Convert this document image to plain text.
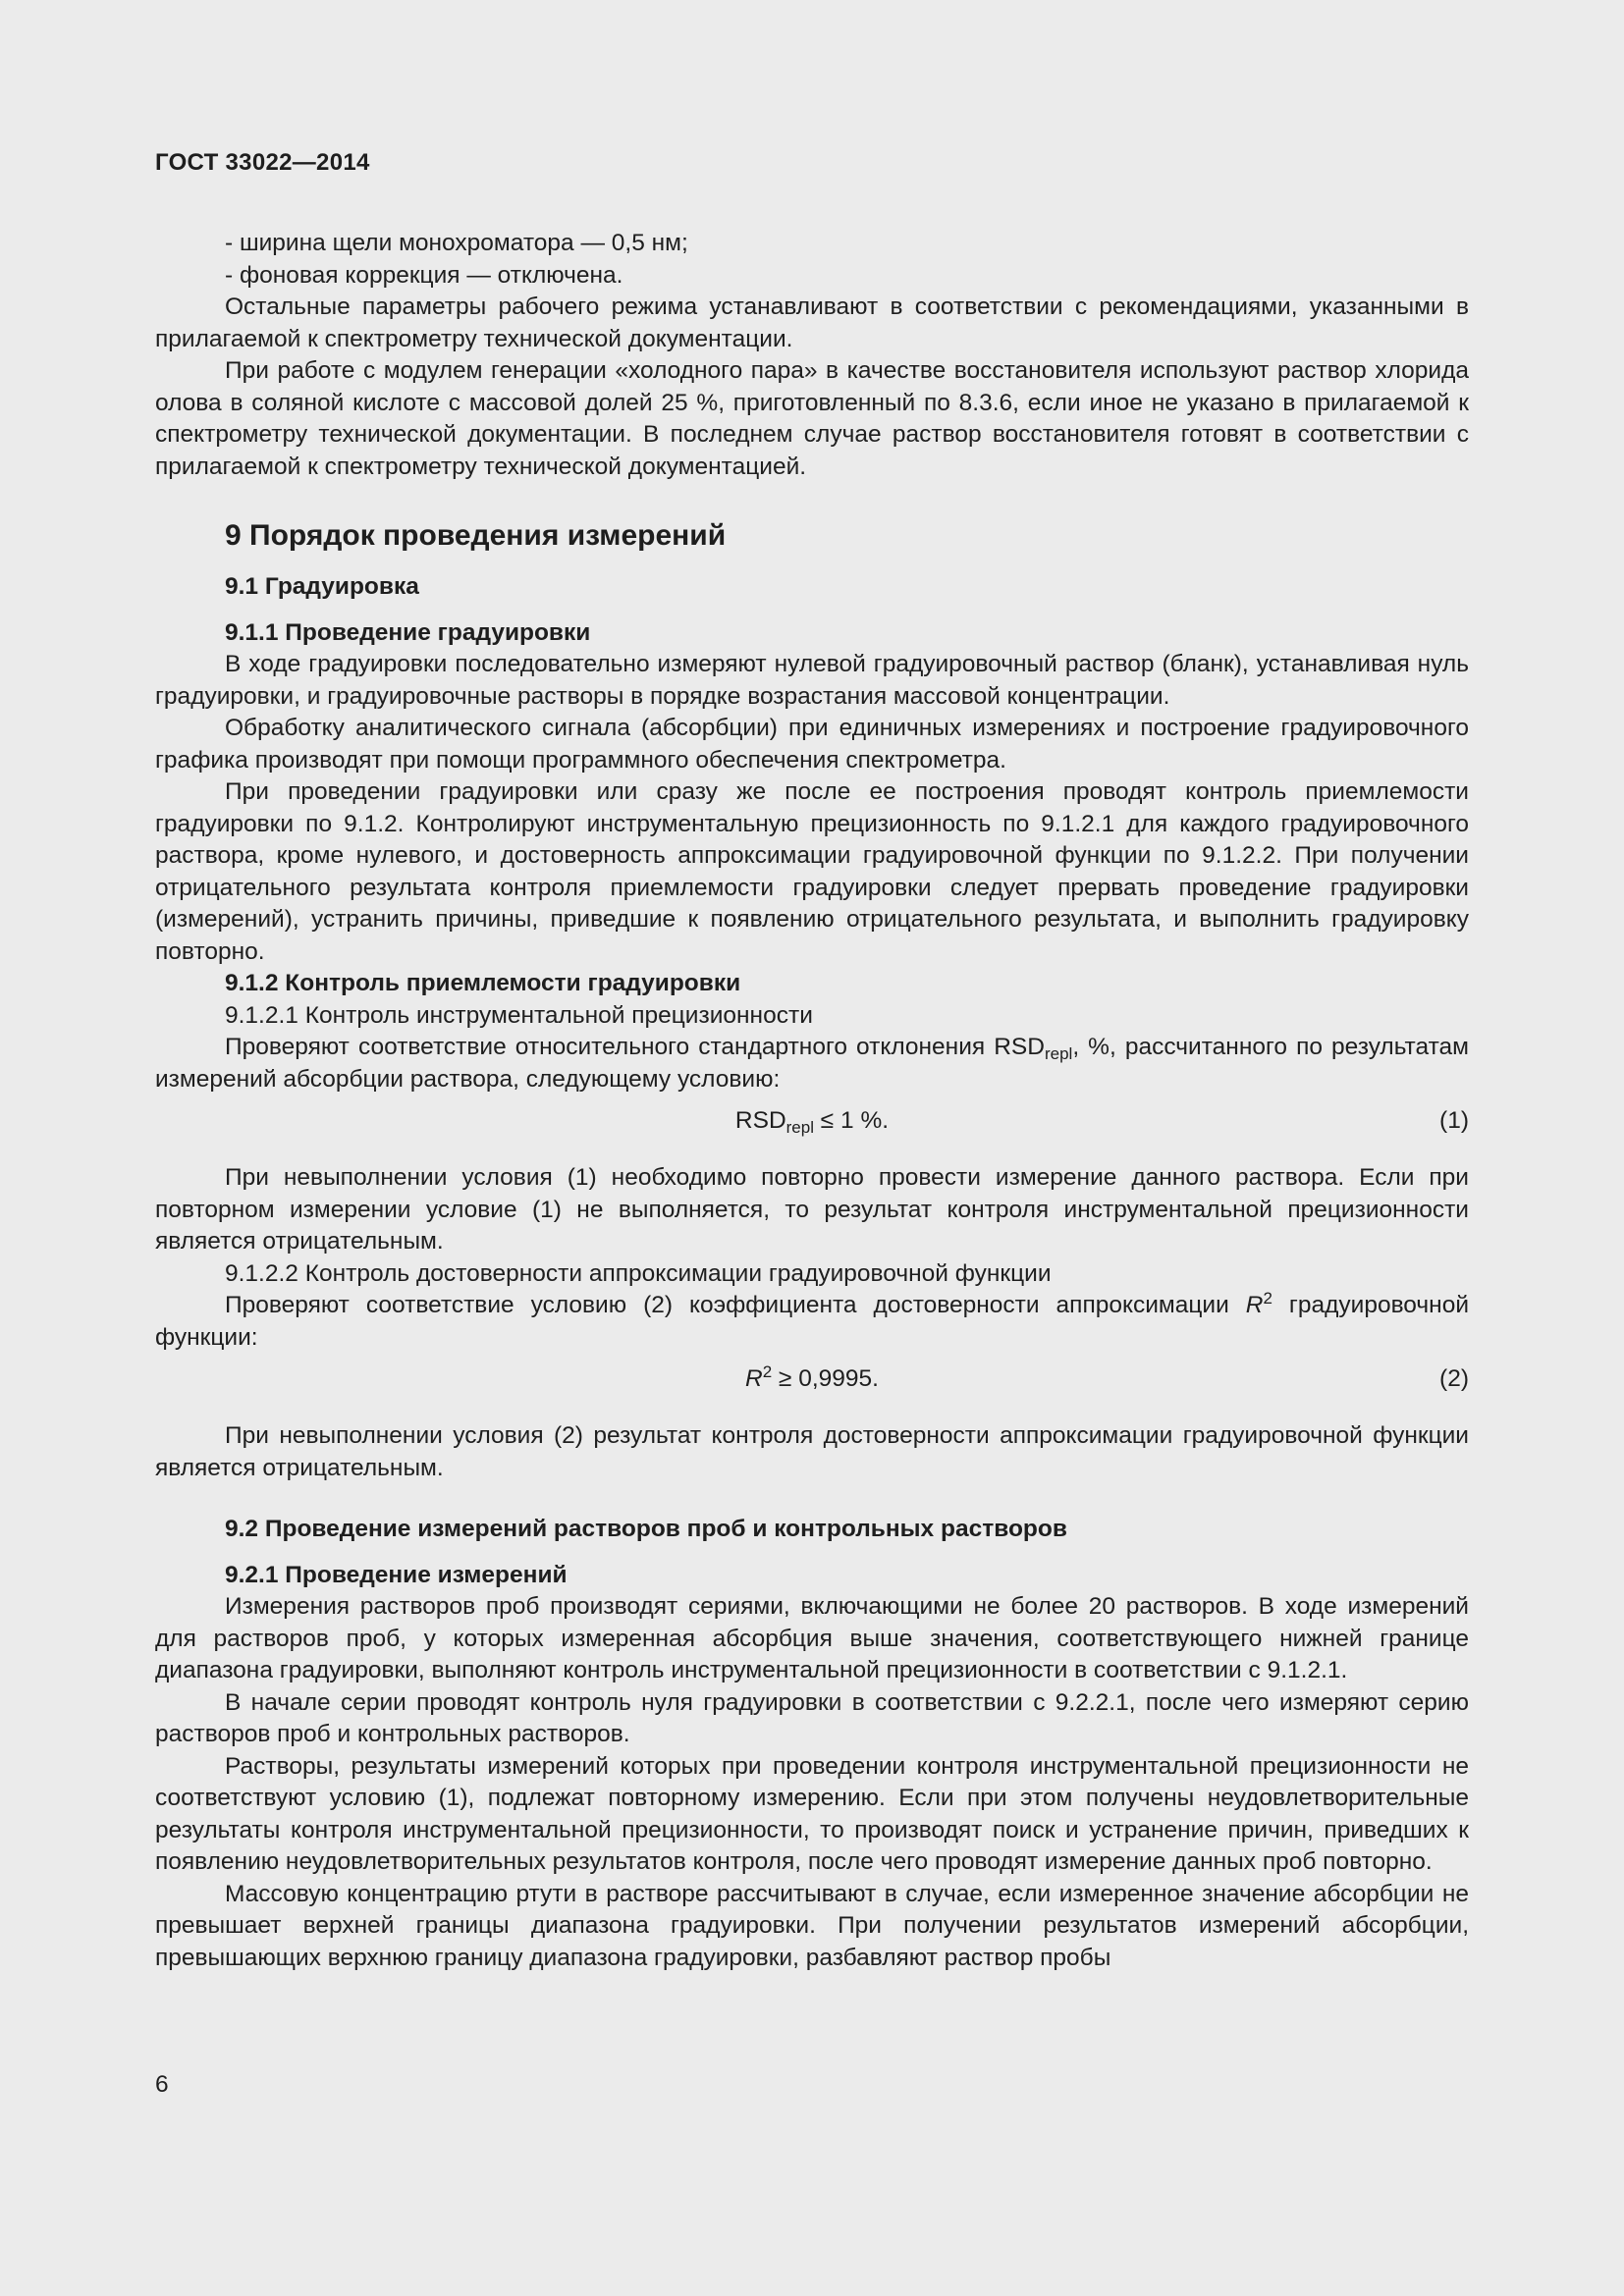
ГОСТ 33022—2014

- ширина щели монохроматора — 0,5 нм;

- фоновая коррекция — отключена.

Остальные параметры рабочего режима устанавливают в соответствии с рекомендациями, указанными в прилагаемой к спектрометру технической документации.

При работе с модулем генерации «холодного пара» в качестве восстановителя используют раствор хлорида олова в соляной кислоте с массовой долей 25 %, приготовленный по 8.3.6, если иное не указано в прилагаемой к спектрометру технической документации. В последнем случае раствор восстановителя готовят в соответствии с прилагаемой к спектрометру технической документацией.

9 Порядок проведения измерений
9.1 Градуировка
9.1.1 Проведение градуировки

В ходе градуировки последовательно измеряют нулевой градуировочный раствор (бланк), устанавливая нуль градуировки, и градуировочные растворы в порядке возрастания массовой концентрации.

Обработку аналитического сигнала (абсорбции) при единичных измерениях и построение градуировочного графика производят при помощи программного обеспечения спектрометра.

При проведении градуировки или сразу же после ее построения проводят контроль приемлемости градуировки по 9.1.2. Контролируют инструментальную прецизионность по 9.1.2.1 для каждого градуировочного раствора, кроме нулевого, и достоверность аппроксимации градуировочной функции по 9.1.2.2. При получении отрицательного результата контроля приемлемости градуировки следует прервать проведение градуировки (измерений), устранить причины, приведшие к появлению отрицательного результата, и выполнить градуировку повторно.

9.1.2 Контроль приемлемости градуировки
9.1.2.1 Контроль инструментальной прецизионности

Проверяют соответствие относительного стандартного отклонения $RSD_{repl}$, %, рассчитанного по результатам измерений абсорбции раствора, следующему условию:

$RSD_{repl} \le 1$ %.	(1)

При невыполнении условия (1) необходимо повторно провести измерение данного раствора. Если при повторном измерении условие (1) не выполняется, то результат контроля инструментальной прецизионности является отрицательным.

9.1.2.2 Контроль достоверности аппроксимации градуировочной функции

Проверяют соответствие условию (2) коэффициента достоверности аппроксимации $R^2$ градуировочной функции:

$R^2 \ge 0,9995$.	(2)

При невыполнении условия (2) результат контроля достоверности аппроксимации градуировочной функции является отрицательным.

9.2 Проведение измерений растворов проб и контрольных растворов
9.2.1 Проведение измерений

Измерения растворов проб производят сериями, включающими не более 20 растворов. В ходе измерений для растворов проб, у которых измеренная абсорбция выше значения, соответствующего нижней границе диапазона градуировки, выполняют контроль инструментальной прецизионности в соответствии с 9.1.2.1.

В начале серии проводят контроль нуля градуировки в соответствии с 9.2.2.1, после чего измеряют серию растворов проб и контрольных растворов.

Растворы, результаты измерений которых при проведении контроля инструментальной прецизионности не соответствуют условию (1), подлежат повторному измерению. Если при этом получены неудовлетворительные результаты контроля инструментальной прецизионности, то производят поиск и устранение причин, приведших к появлению неудовлетворительных результатов контроля, после чего проводят измерение данных проб повторно.

Массовую концентрацию ртути в растворе рассчитывают в случае, если измеренное значение абсорбции не превышает верхней границы диапазона градуировки. При получении результатов измерений абсорбции, превышающих верхнюю границу диапазона градуировки, разбавляют раствор пробы

6
